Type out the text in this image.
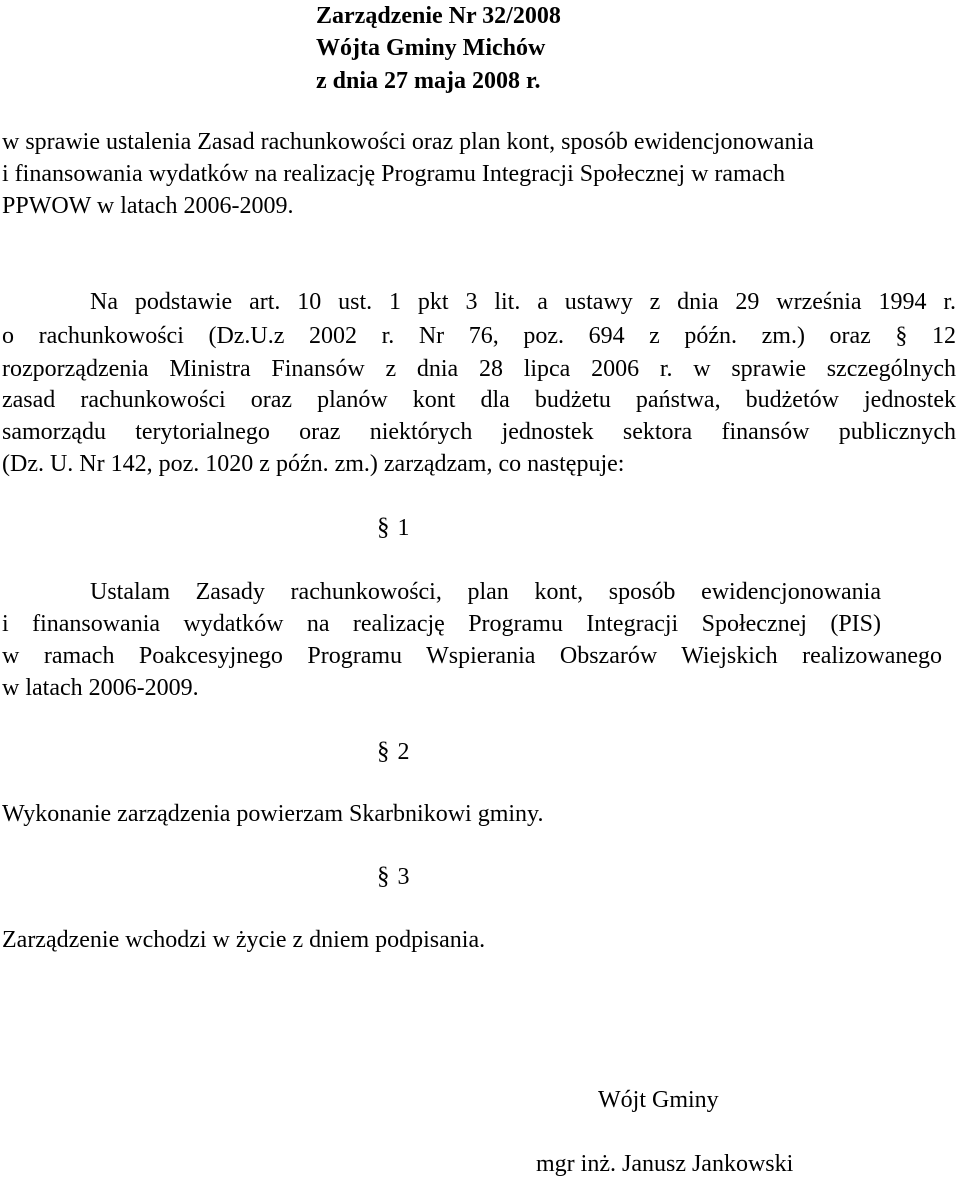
Zarządzenie Nr 32/2008
Wójta Gminy Michów
z dnia 27 maja 2008 r.
w sprawie ustalenia Zasad rachunkowości oraz plan kont, sposób ewidencjonowania
i finansowania wydatków na realizację Programu Integracji Społecznej w ramach
PPWOW w latach 2006-2009.
Na podstawie art. 10 ust. 1 pkt 3 lit. a ustawy z dnia 29 września 1994 r.
o rachunkowości (Dz.U.z 2002 r. Nr 76, poz. 694 z późn. zm.) oraz § 12
rozporządzenia Ministra Finansów z dnia 28 lipca 2006 r. w sprawie szczególnych
zasad rachunkowości oraz planów kont dla budżetu państwa, budżetów jednostek
samorządu terytorialnego oraz niektórych jednostek sektora finansów publicznych
(Dz. U. Nr 142, poz. 1020 z późn. zm.) zarządzam, co następuje:
§ 1
Ustalam Zasady rachunkowości, plan kont, sposób ewidencjonowania
i finansowania wydatków na realizację Programu Integracji Społecznej (PIS)
w ramach Poakcesyjnego Programu Wspierania Obszarów Wiejskich realizowanego
w latach 2006-2009.
§ 2
Wykonanie zarządzenia powierzam Skarbnikowi gminy.
§ 3
Zarządzenie wchodzi w życie z dniem podpisania.
Wójt Gminy
mgr inż. Janusz Jankowski
